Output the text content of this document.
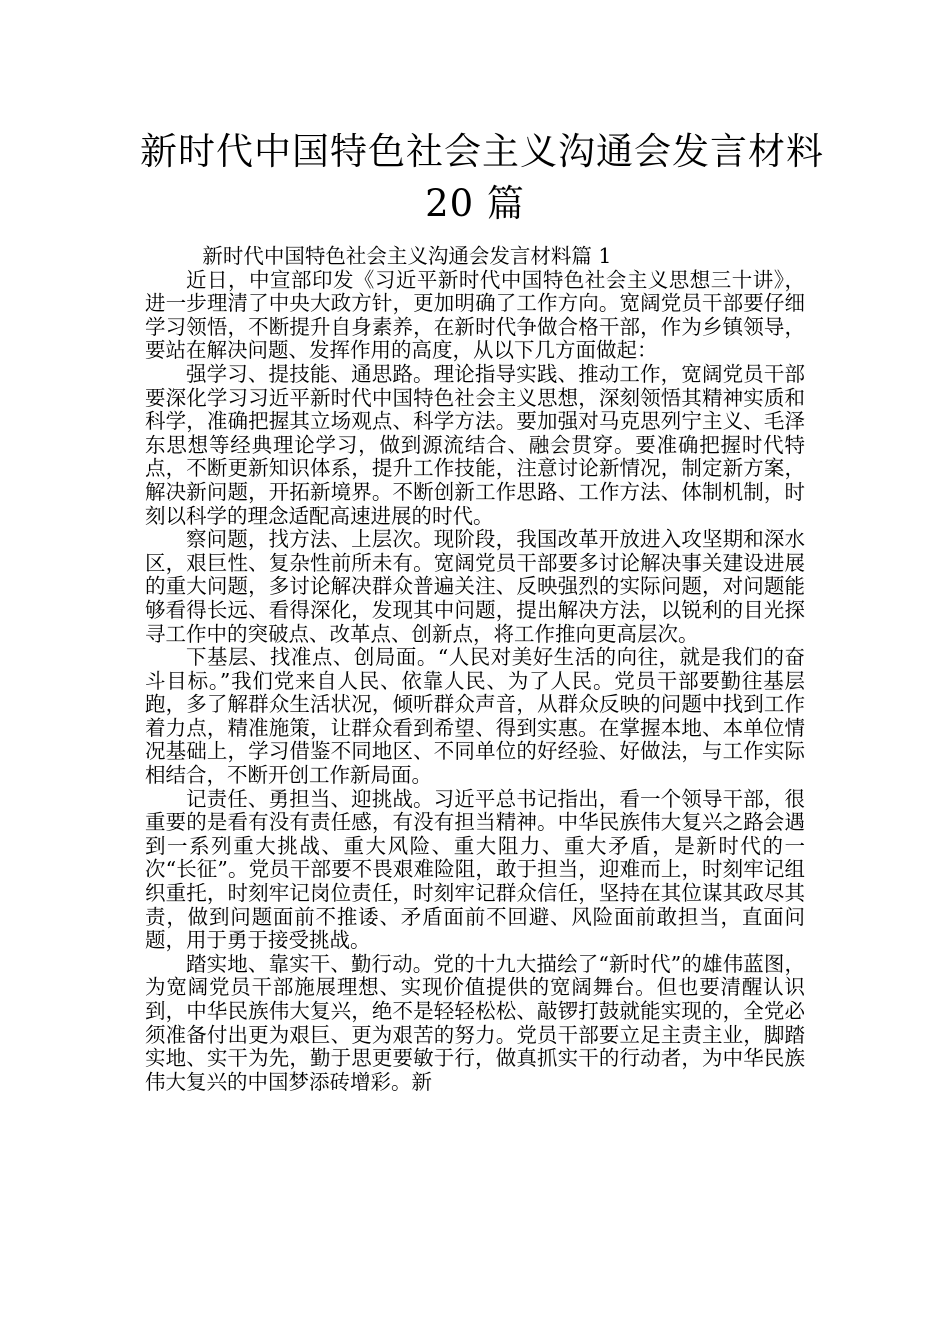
新时代中国特色社会主义沟通会发言材料
20 篇

新时代中国特色社会主义沟通会发言材料篇 1

近日，中宣部印发《习近平新时代中国特色社会主义思想三十讲》，进一步理清了中央大政方针，更加明确了工作方向。宽阔党员干部要仔细学习领悟，不断提升自身素养，在新时代争做合格干部，作为乡镇领导，要站在解决问题、发挥作用的高度，从以下几方面做起：

强学习、提技能、通思路。理论指导实践、推动工作，宽阔党员干部要深化学习习近平新时代中国特色社会主义思想，深刻领悟其精神实质和科学，准确把握其立场观点、科学方法。要加强对马克思列宁主义、毛泽东思想等经典理论学习，做到源流结合、融会贯穿。要准确把握时代特点，不断更新知识体系，提升工作技能，注意讨论新情况，制定新方案，解决新问题，开拓新境界。不断创新工作思路、工作方法、体制机制，时刻以科学的理念适配高速进展的时代。

察问题，找方法、上层次。现阶段，我国改革开放进入攻坚期和深水区，艰巨性、复杂性前所未有。宽阔党员干部要多讨论解决事关建设进展的重大问题，多讨论解决群众普遍关注、反映强烈的实际问题，对问题能够看得长远、看得深化，发现其中问题，提出解决方法，以锐利的目光探寻工作中的突破点、改革点、创新点，将工作推向更高层次。

下基层、找准点、创局面。“人民对美好生活的向往，就是我们的奋斗目标。”我们党来自人民、依靠人民、为了人民。党员干部要勤往基层跑，多了解群众生活状况，倾听群众声音，从群众反映的问题中找到工作着力点，精准施策，让群众看到希望、得到实惠。在掌握本地、本单位情况基础上，学习借鉴不同地区、不同单位的好经验、好做法，与工作实际相结合，不断开创工作新局面。

记责任、勇担当、迎挑战。习近平总书记指出，看一个领导干部，很重要的是看有没有责任感，有没有担当精神。中华民族伟大复兴之路会遇到一系列重大挑战、重大风险、重大阻力、重大矛盾，是新时代的一次“长征”。党员干部要不畏艰难险阻，敢于担当，迎难而上，时刻牢记组织重托，时刻牢记岗位责任，时刻牢记群众信任，坚持在其位谋其政尽其责，做到问题面前不推诿、矛盾面前不回避、风险面前敢担当，直面问题，用于勇于接受挑战。

踏实地、靠实干、勤行动。党的十九大描绘了“新时代”的雄伟蓝图，为宽阔党员干部施展理想、实现价值提供的宽阔舞台。但也要清醒认识到，中华民族伟大复兴，绝不是轻轻松松、敲锣打鼓就能实现的，全党必须准备付出更为艰巨、更为艰苦的努力。党员干部要立足主责主业，脚踏实地、实干为先，勤于思更要敏于行，做真抓实干的行动者，为中华民族伟大复兴的中国梦添砖增彩。新
